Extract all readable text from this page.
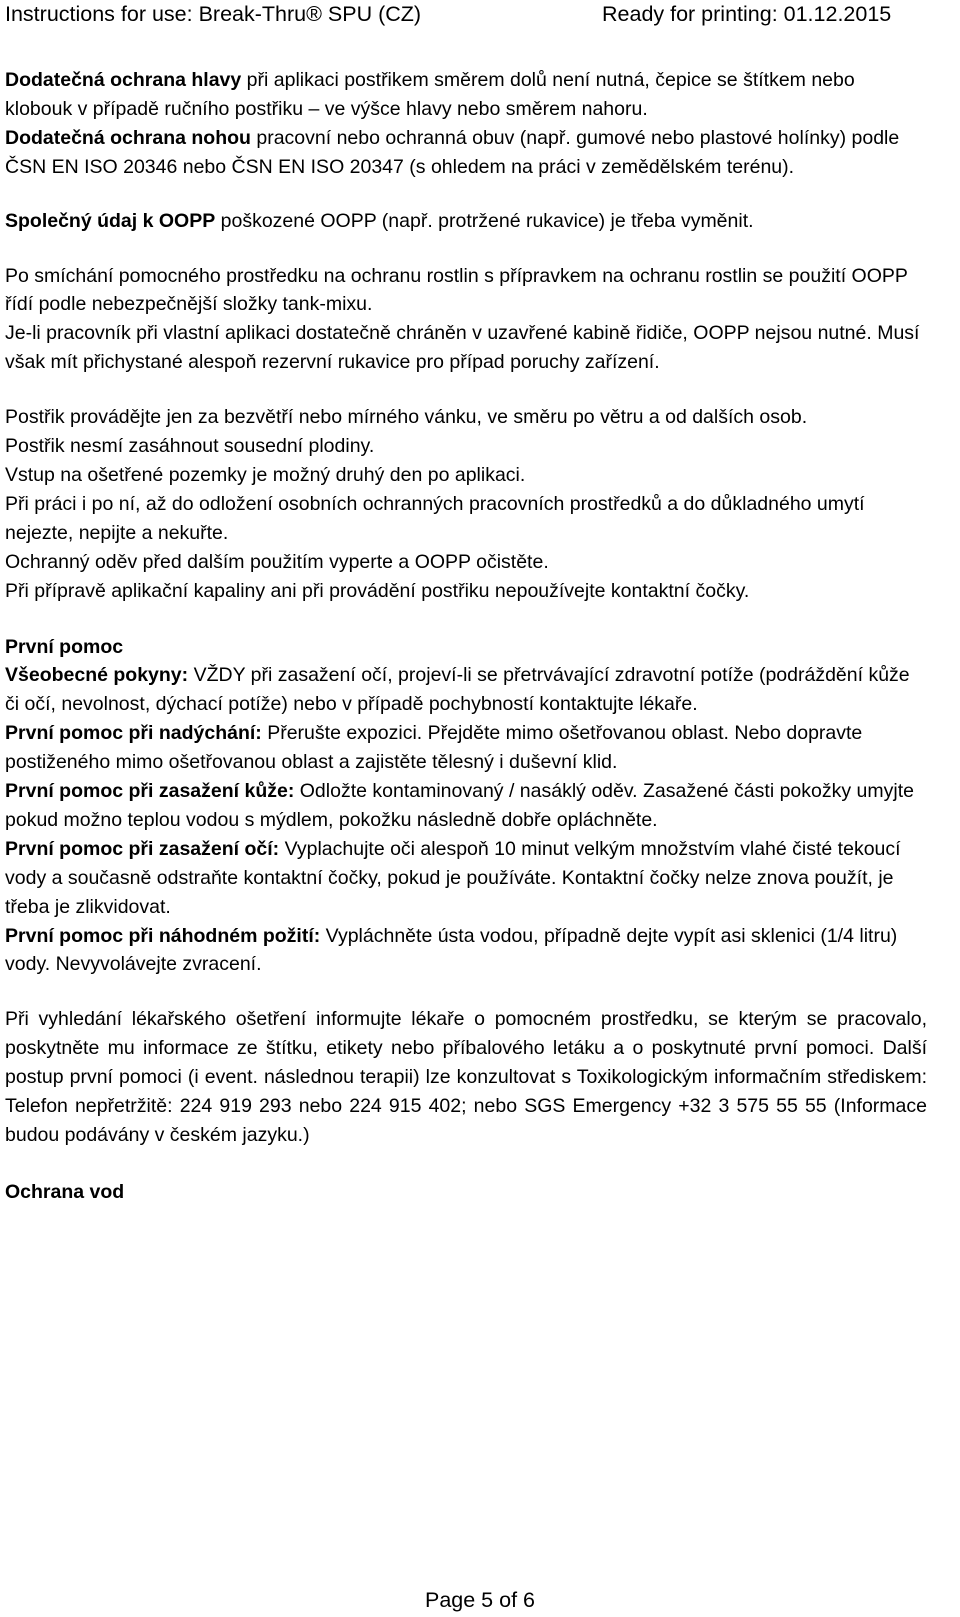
Instructions for use: Break-Thru® SPU (CZ)	Ready for printing: 01.12.2015

Dodatečná ochrana hlavy při aplikaci postřikem směrem dolů není nutná, čepice se štítkem nebo klobouk v případě ručního postřiku – ve výšce hlavy nebo směrem nahoru.
Dodatečná ochrana nohou pracovní nebo ochranná obuv (např. gumové nebo plastové holínky) podle ČSN EN ISO 20346 nebo ČSN EN ISO 20347 (s ohledem na práci v zemědělském terénu).

Společný údaj k OOPP poškozené OOPP (např. protržené rukavice) je třeba vyměnit.

Po smíchání pomocného prostředku na ochranu rostlin s přípravkem na ochranu rostlin se použití OOPP řídí podle nebezpečnější složky tank-mixu.
Je-li pracovník při vlastní aplikaci dostatečně chráněn v uzavřené kabině řidiče, OOPP nejsou nutné. Musí však mít přichystané alespoň rezervní rukavice pro případ poruchy zařízení.

Postřik provádějte jen za bezvětří nebo mírného vánku, ve směru po větru a od dalších osob.
Postřik nesmí zasáhnout sousední plodiny.
Vstup na ošetřené pozemky je možný druhý den po aplikaci.
Při práci i po ní, až do odložení osobních ochranných pracovních prostředků a do důkladného umytí nejezte, nepijte a nekuřte.
Ochranný oděv před dalším použitím vyperte a OOPP očistěte.
Při přípravě aplikační kapaliny ani při provádění postřiku nepoužívejte kontaktní čočky.

První pomoc
Všeobecné pokyny: VŽDY při zasažení očí, projeví-li se přetrvávající zdravotní potíže (podráždění kůže či očí, nevolnost, dýchací potíže) nebo v případě pochybností kontaktujte lékaře.
První pomoc při nadýchání: Přerušte expozici. Přejděte mimo ošetřovanou oblast. Nebo dopravte postiženého mimo ošetřovanou oblast a zajistěte tělesný i duševní klid.
První pomoc při zasažení kůže: Odložte kontaminovaný / nasáklý oděv. Zasažené části pokožky umyjte pokud možno teplou vodou s mýdlem, pokožku následně dobře opláchněte.
První pomoc při zasažení očí: Vyplachujte oči alespoň 10 minut velkým množstvím vlahé čisté tekoucí vody a současně odstraňte kontaktní čočky, pokud je používáte. Kontaktní čočky nelze znova použít, je třeba je zlikvidovat.
První pomoc při náhodném požití: Vypláchněte ústa vodou, případně dejte vypít asi sklenici (1/4 litru) vody. Nevyvolávejte zvracení.

Při vyhledání lékařského ošetření informujte lékaře o pomocném prostředku, se kterým se pracovalo, poskytněte mu informace ze štítku, etikety nebo příbalového letáku a o poskytnuté první pomoci. Další postup první pomoci (i event. následnou terapii) lze konzultovat s Toxikologickým informačním střediskem: Telefon nepřetržitě: 224 919 293 nebo 224 915 402; nebo SGS Emergency +32 3 575 55 55 (Informace budou podávány v českém jazyku.)

Ochrana vod

Page 5 of 6
